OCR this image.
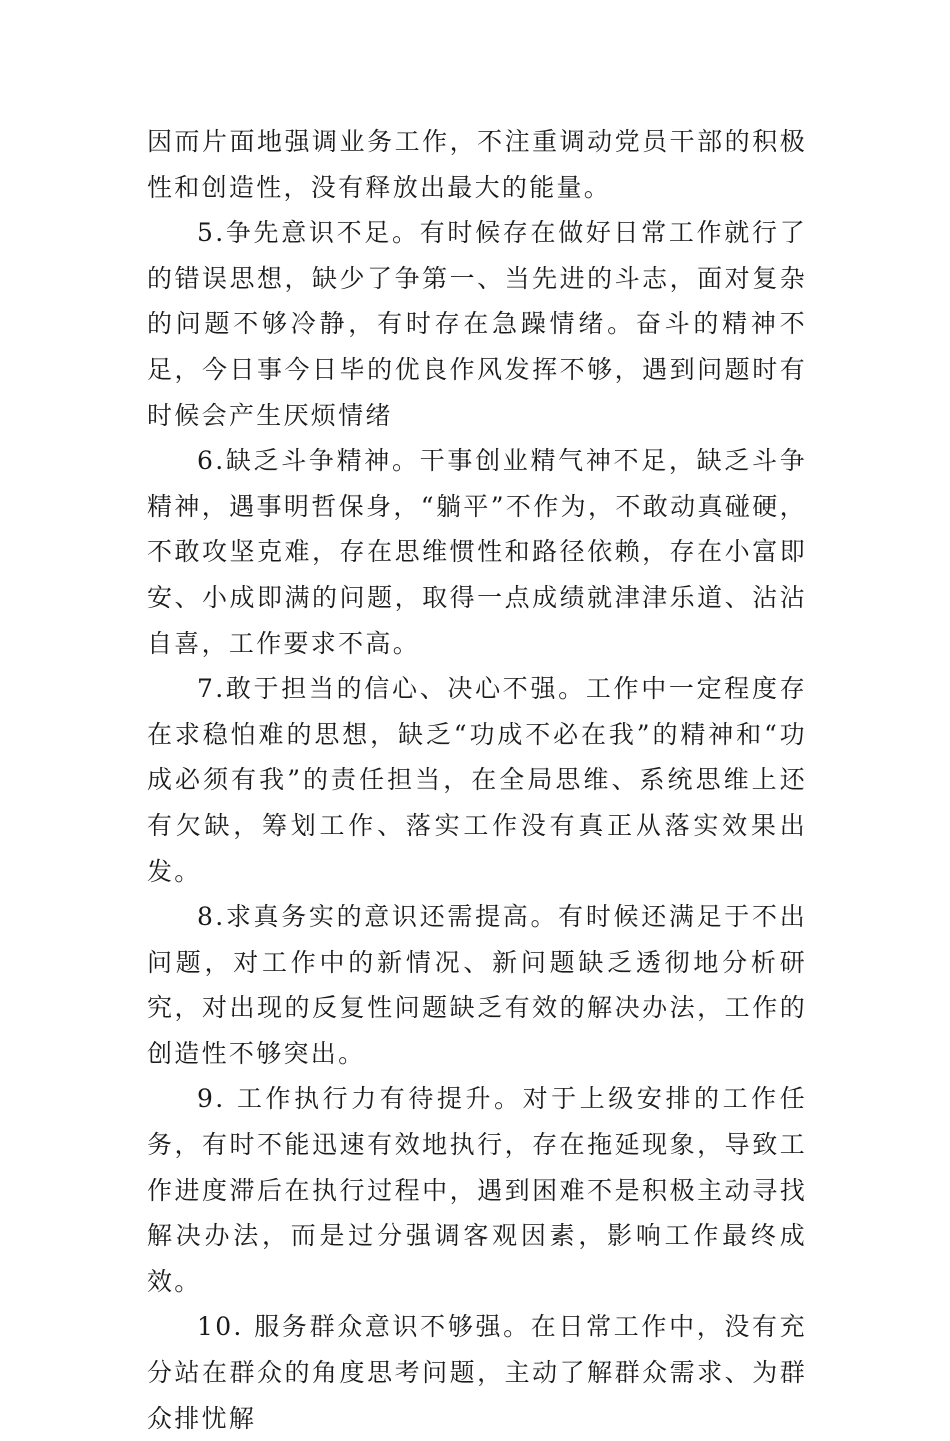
因而片面地强调业务工作，不注重调动党员干部的积极性和创造性，没有释放出最大的能量。

5.争先意识不足。有时候存在做好日常工作就行了的错误思想，缺少了争第一、当先进的斗志，面对复杂的问题不够冷静，有时存在急躁情绪。奋斗的精神不足，今日事今日毕的优良作风发挥不够，遇到问题时有时候会产生厌烦情绪

6.缺乏斗争精神。干事创业精气神不足，缺乏斗争精神，遇事明哲保身，“躺平”不作为，不敢动真碰硬，不敢攻坚克难，存在思维惯性和路径依赖，存在小富即安、小成即满的问题，取得一点成绩就津津乐道、沾沾自喜，工作要求不高。

7.敢于担当的信心、决心不强。工作中一定程度存在求稳怕难的思想，缺乏“功成不必在我”的精神和“功成必须有我”的责任担当，在全局思维、系统思维上还有欠缺，筹划工作、落实工作没有真正从落实效果出发。

8.求真务实的意识还需提高。有时候还满足于不出问题，对工作中的新情况、新问题缺乏透彻地分析研究，对出现的反复性问题缺乏有效的解决办法，工作的创造性不够突出。

9. 工作执行力有待提升。对于上级安排的工作任务，有时不能迅速有效地执行，存在拖延现象，导致工作进度滞后在执行过程中，遇到困难不是积极主动寻找解决办法，而是过分强调客观因素，影响工作最终成效。

10. 服务群众意识不够强。在日常工作中，没有充分站在群众的角度思考问题，主动了解群众需求、为群众排忧解
